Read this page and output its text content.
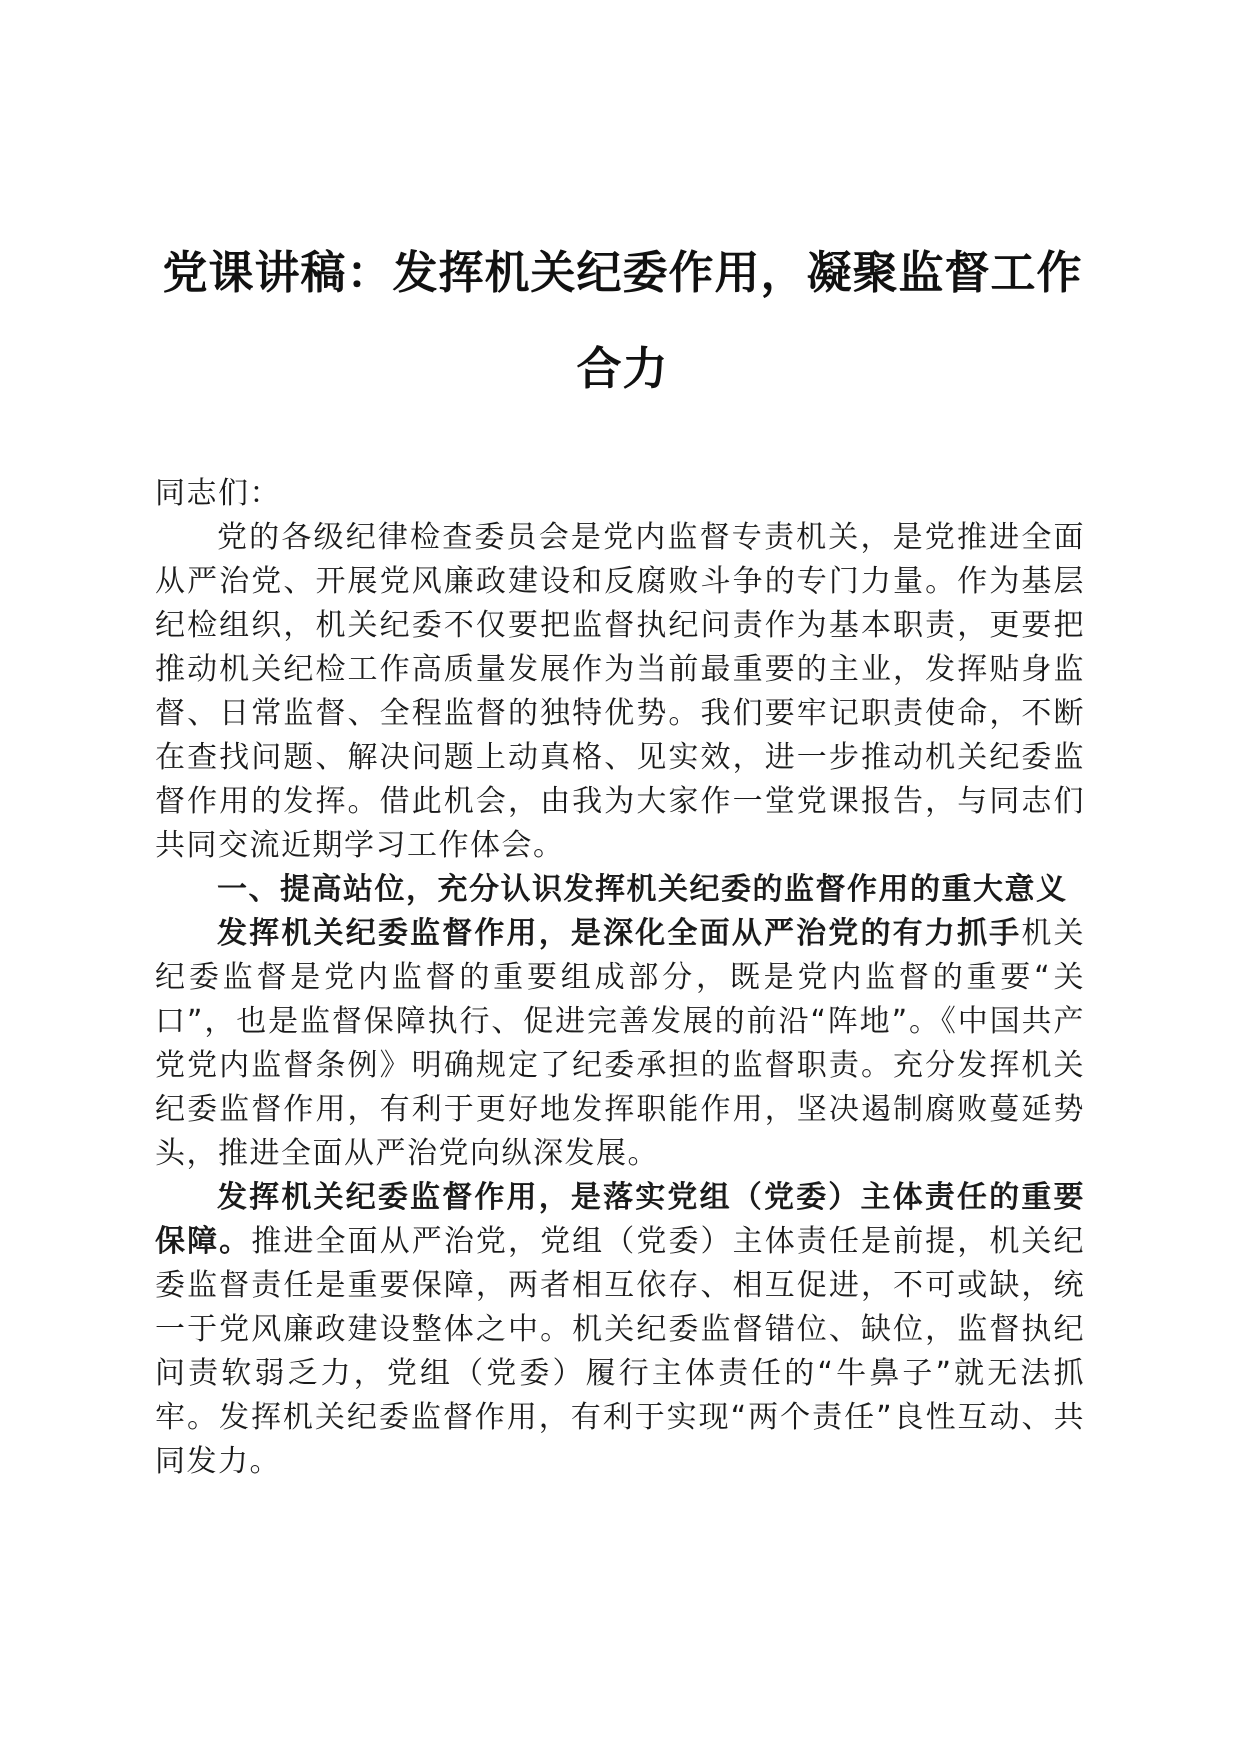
党课讲稿：发挥机关纪委作用，凝聚监督工作合力

同志们：

党的各级纪律检查委员会是党内监督专责机关，是党推进全面从严治党、开展党风廉政建设和反腐败斗争的专门力量。作为基层纪检组织，机关纪委不仅要把监督执纪问责作为基本职责，更要把推动机关纪检工作高质量发展作为当前最重要的主业，发挥贴身监督、日常监督、全程监督的独特优势。我们要牢记职责使命，不断在查找问题、解决问题上动真格、见实效，进一步推动机关纪委监督作用的发挥。借此机会，由我为大家作一堂党课报告，与同志们共同交流近期学习工作体会。

一、提高站位，充分认识发挥机关纪委的监督作用的重大意义

发挥机关纪委监督作用，是深化全面从严治党的有力抓手机关纪委监督是党内监督的重要组成部分，既是党内监督的重要“关口”，也是监督保障执行、促进完善发展的前沿“阵地”。《中国共产党党内监督条例》明确规定了纪委承担的监督职责。充分发挥机关纪委监督作用，有利于更好地发挥职能作用，坚决遏制腐败蔓延势头，推进全面从严治党向纵深发展。

发挥机关纪委监督作用，是落实党组（党委）主体责任的重要保障。推进全面从严治党，党组（党委）主体责任是前提，机关纪委监督责任是重要保障，两者相互依存、相互促进，不可或缺，统一于党风廉政建设整体之中。机关纪委监督错位、缺位，监督执纪问责软弱乏力，党组（党委）履行主体责任的“牛鼻子”就无法抓牢。发挥机关纪委监督作用，有利于实现“两个责任”良性互动、共同发力。
